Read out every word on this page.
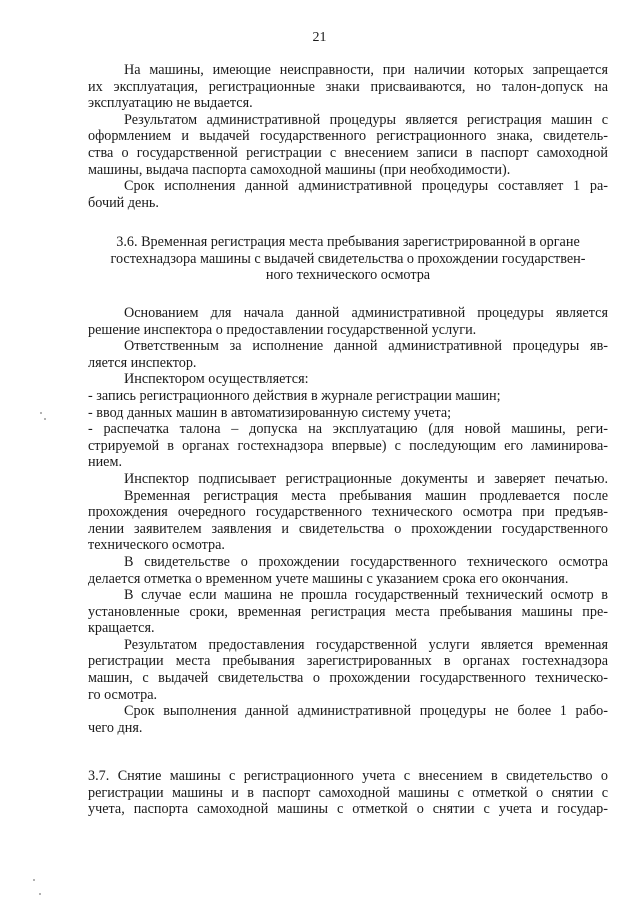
21
На машины, имеющие неисправности, при наличии которых запрещается
их эксплуатация, регистрационные знаки присваиваются, но талон-допуск на
эксплуатацию не выдается.
Результатом административной процедуры является регистрация машин с
оформлением и выдачей государственного регистрационного знака, свидетель-
ства о государственной регистрации с внесением записи в паспорт самоходной
машины, выдача паспорта самоходной машины (при необходимости).
Срок исполнения данной административной процедуры составляет 1 ра-
бочий день.
3.6. Временная регистрация места пребывания зарегистрированной в органе
гостехнадзора машины с выдачей свидетельства о прохождении государствен-
ного технического осмотра
Основанием для начала данной административной процедуры является
решение инспектора о предоставлении государственной услуги.
Ответственным за исполнение данной административной процедуры яв-
ляется инспектор.
Инспектором осуществляется:
- запись регистрационного действия в журнале регистрации машин;
- ввод данных машин в автоматизированную систему учета;
- распечатка талона – допуска на эксплуатацию (для новой машины, реги-
стрируемой в органах гостехнадзора впервые) с последующим его ламинирова-
нием.
Инспектор подписывает регистрационные документы и заверяет печатью.
Временная регистрация места пребывания машин продлевается после
прохождения очередного государственного технического осмотра при предъяв-
лении заявителем заявления и свидетельства о прохождении государственного
технического осмотра.
В свидетельстве о прохождении государственного технического осмотра
делается отметка о временном учете машины с указанием срока его окончания.
В случае если машина не прошла государственный технический осмотр в
установленные сроки, временная регистрация места пребывания машины пре-
кращается.
Результатом предоставления государственной услуги является временная
регистрации места пребывания зарегистрированных в органах гостехнадзора
машин, с выдачей свидетельства о прохождении государственного техническо-
го осмотра.
Срок выполнения данной административной процедуры не более 1 рабо-
чего дня.
3.7. Снятие машины с регистрационного учета с внесением в свидетельство о
регистрации машины и в паспорт самоходной машины с отметкой о снятии с
учета, паспорта самоходной машины с отметкой о снятии с учета и государ-
